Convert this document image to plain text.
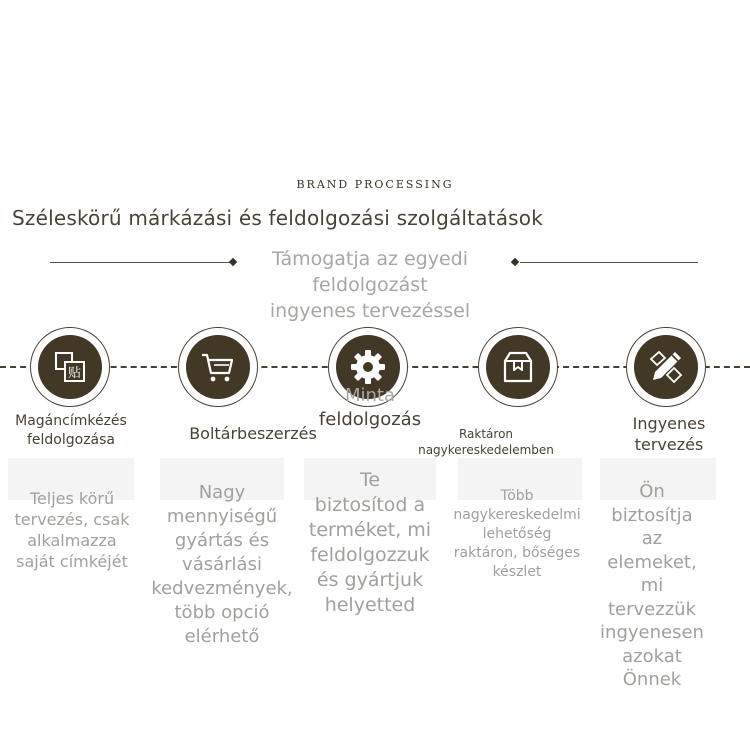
BRAND PROCESSING
Széleskörű márkázási és feldolgozási szolgáltatások
Támogatja az egyedi
feldolgozást
ingyenes tervezéssel
贴
Magáncímkézés
feldolgozása
Teljes körű
tervezés, csak
alkalmazza
saját címkéjét
Boltárbeszerzés
Nagy
mennyiségű
gyártás és
vásárlási
kedvezmények,
több opció
elérhető
Minta
feldolgozás
Te
biztosítod a
terméket, mi
feldolgozzuk
és gyártjuk
helyetted
Raktáron
nagykereskedelemben
Több
nagykereskedelmi
lehetőség
raktáron, bőséges
készlet
Ingyenes
tervezés
Ön
biztosítja
az
elemeket,
mi
tervezzük
ingyenesen
azokat
Önnek
